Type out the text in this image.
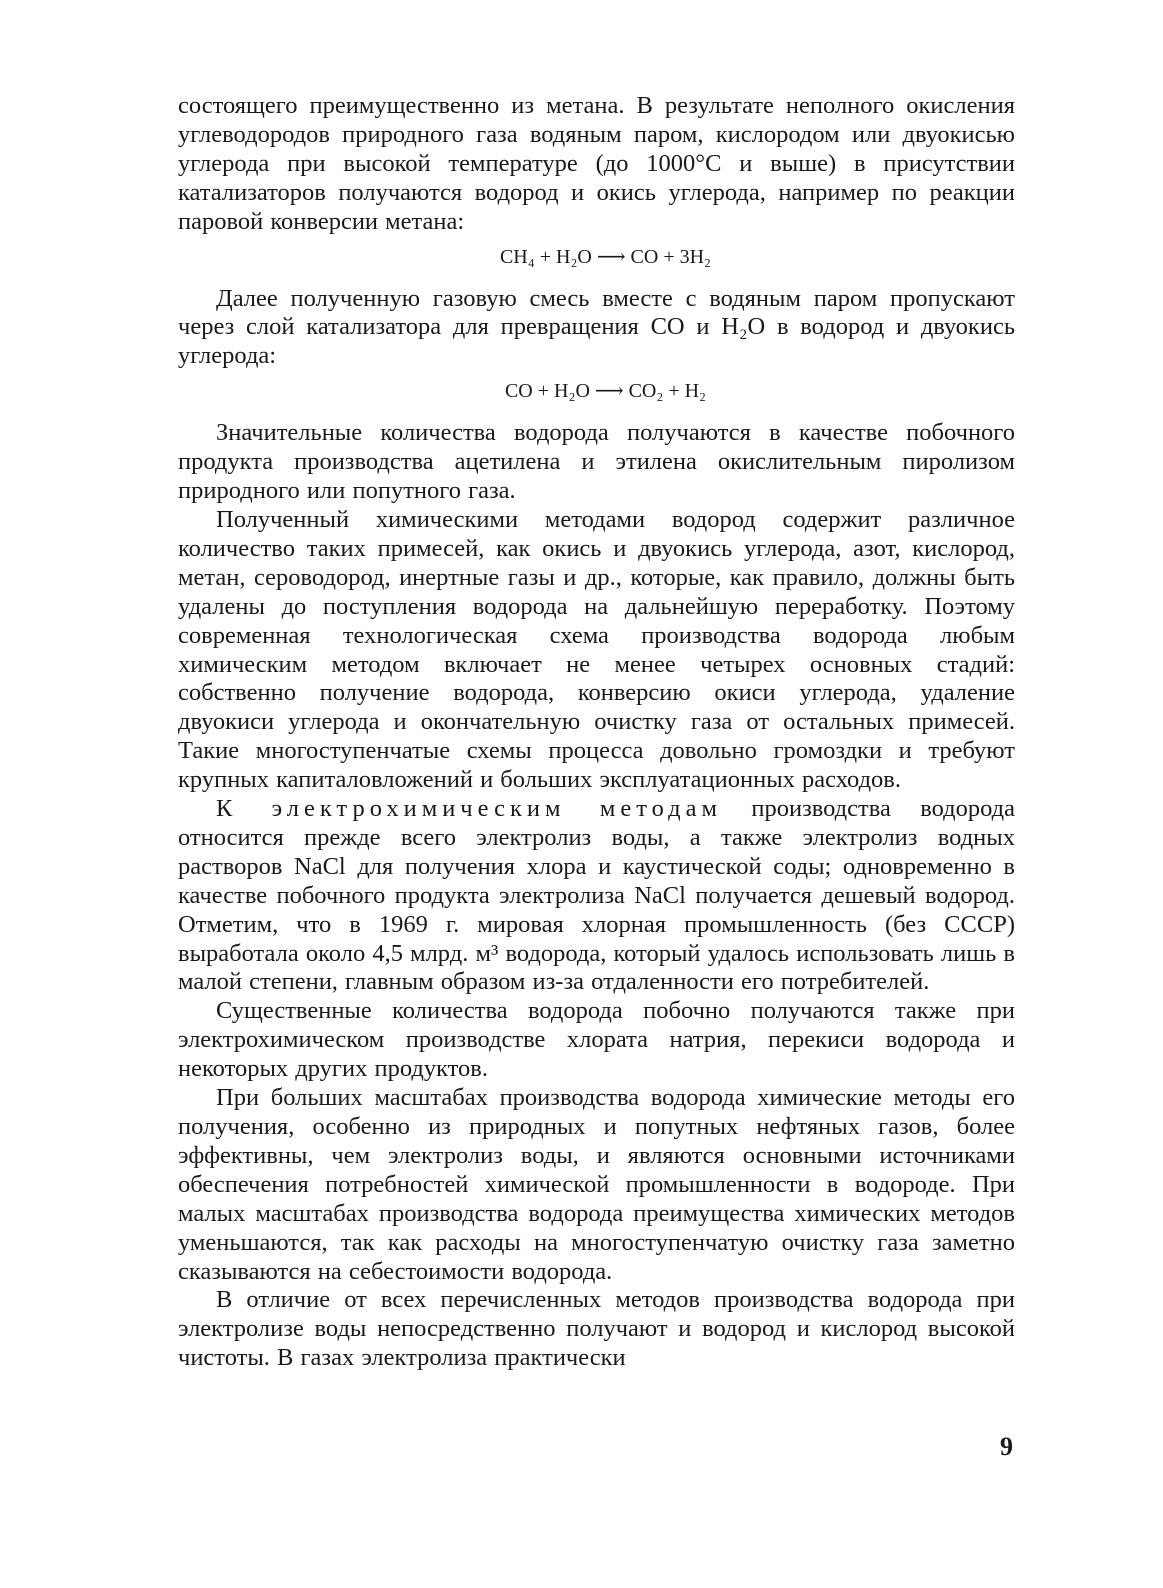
состоящего преимущественно из метана. В результате неполного окисления углеводородов природного газа водяным паром, кислородом или двуокисью углерода при высокой температуре (до 1000°С и выше) в присутствии катализаторов получаются водород и окись углерода, например по реакции паровой конверсии метана:

CH₄ + H₂O ⟶ CO + 3H₂

Далее полученную газовую смесь вместе с водяным паром пропускают через слой катализатора для превращения CO и H₂O в водород и двуокись углерода:

CO + H₂O ⟶ CO₂ + H₂

Значительные количества водорода получаются в качестве побочного продукта производства ацетилена и этилена окислительным пиролизом природного или попутного газа.

Полученный химическими методами водород содержит различное количество таких примесей, как окись и двуокись углерода, азот, кислород, метан, сероводород, инертные газы и др., которые, как правило, должны быть удалены до поступления водорода на дальнейшую переработку. Поэтому современная технологическая схема производства водорода любым химическим методом включает не менее четырех основных стадий: собственно получение водорода, конверсию окиси углерода, удаление двуокиси углерода и окончательную очистку газа от остальных примесей. Такие многоступенчатые схемы процесса довольно громоздки и требуют крупных капиталовложений и больших эксплуатационных расходов.

К электрохимическим методам производства водорода относится прежде всего электролиз воды, а также электролиз водных растворов NaCl для получения хлора и каустической соды; одновременно в качестве побочного продукта электролиза NaCl получается дешевый водород. Отметим, что в 1969 г. мировая хлорная промышленность (без СССР) выработала около 4,5 млрд. м³ водорода, который удалось использовать лишь в малой степени, главным образом из-за отдаленности его потребителей.

Существенные количества водорода побочно получаются также при электрохимическом производстве хлората натрия, перекиси водорода и некоторых других продуктов.

При больших масштабах производства водорода химические методы его получения, особенно из природных и попутных нефтяных газов, более эффективны, чем электролиз воды, и являются основными источниками обеспечения потребностей химической промышленности в водороде. При малых масштабах производства водорода преимущества химических методов уменьшаются, так как расходы на многоступенчатую очистку газа заметно сказываются на себестоимости водорода.

В отличие от всех перечисленных методов производства водорода при электролизе воды непосредственно получают и водород и кислород высокой чистоты. В газах электролиза практически

9
